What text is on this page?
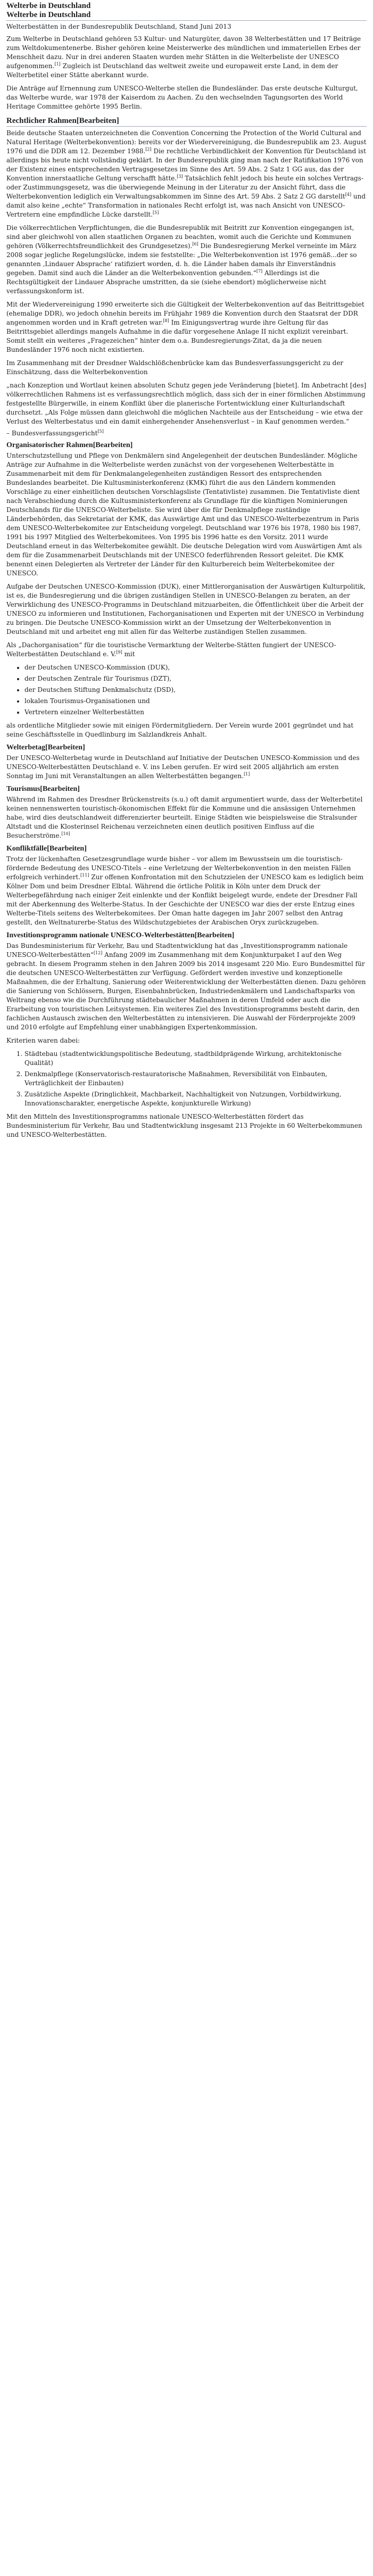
Welterbe in Deutschland
Welterbe in Deutschland
Welterbestätten in der Bundesrepublik Deutschland, Stand Juni 2013

Zum Welterbe in Deutschland gehören 53 Kultur- und Naturgüter, davon 38 Welterbestätten und 17 Beiträge zum Weltdokumentenerbe. Bisher gehören keine Meisterwerke des mündlichen und immateriellen Erbes der Menschheit dazu. Nur in drei anderen Staaten wurden mehr Stätten in die Welterbeliste der UNESCO aufgenommen.[1] Zugleich ist Deutschland das weltweit zweite und europaweit erste Land, in dem der Welterbetitel einer Stätte aberkannt wurde.

Die Anträge auf Ernennung zum UNESCO-Welterbe stellen die Bundesländer. Das erste deutsche Kulturgut, das Welterbe wurde, war 1978 der Kaiserdom zu Aachen. Zu den wechselnden Tagungsorten des World Heritage Committee gehörte 1995 Berlin.

Rechtlicher Rahmen[Bearbeiten]

Beide deutsche Staaten unterzeichneten die Convention Concerning the Protection of the World Cultural and Natural Heritage (Welterbekonvention): bereits vor der Wiedervereinigung, die Bundesrepublik am 23. August 1976 und die DDR am 12. Dezember 1988.[2] Die rechtliche Verbindlichkeit der Konvention für Deutschland ist allerdings bis heute nicht vollständig geklärt. In der Bundesrepublik ging man nach der Ratifikation 1976 von der Existenz eines entsprechenden Vertragsgesetzes im Sinne des Art. 59 Abs. 2 Satz 1 GG aus, das der Konvention innerstaatliche Geltung verschafft hätte.[3] Tatsächlich fehlt jedoch bis heute ein solches Vertrags- oder Zustimmungsgesetz, was die überwiegende Meinung in der Literatur zu der Ansicht führt, dass die Welterbekonvention lediglich ein Verwaltungsabkommen im Sinne des Art. 59 Abs. 2 Satz 2 GG darstellt[4] und damit also keine „echte“ Transformation in nationales Recht erfolgt ist, was nach Ansicht von UNESCO-Vertretern eine empfindliche Lücke darstellt.[5]

Die völkerrechtlichen Verpflichtungen, die die Bundesrepublik mit Beitritt zur Konvention eingegangen ist, sind aber gleichwohl von allen staatlichen Organen zu beachten, womit auch die Gerichte und Kommunen gehören (Völkerrechtsfreundlichkeit des Grundgesetzes).[6] Die Bundesregierung Merkel verneinte im März 2008 sogar jegliche Regelungslücke, indem sie feststellte: „Die Welterbekonvention ist 1976 gemäß...der so genannten ‚Lindauer Absprache‘ ratifiziert worden, d. h. die Länder haben damals ihr Einverständnis gegeben. Damit sind auch die Länder an die Welterbekonvention gebunden.“[7] Allerdings ist die Rechtsgültigkeit der Lindauer Absprache umstritten, da sie (siehe ebendort) möglicherweise nicht verfassungskonform ist.

Mit der Wiedervereinigung 1990 erweiterte sich die Gültigkeit der Welterbekonvention auf das Beitrittsgebiet (ehemalige DDR), wo jedoch ohnehin bereits im Frühjahr 1989 die Konvention durch den Staatsrat der DDR angenommen worden und in Kraft getreten war.[8] Im Einigungsvertrag wurde ihre Geltung für das Beitrittsgebiet allerdings mangels Aufnahme in die dafür vorgesehene Anlage II nicht explizit vereinbart. Somit stellt ein weiteres „Fragezeichen“ hinter dem o.a. Bundesregierungs-Zitat, da ja die neuen Bundesländer 1976 noch nicht existierten.

Im Zusammenhang mit der Dresdner Waldschlößchenbrücke kam das Bundesverfassungsgericht zu der Einschätzung, dass die Welterbekonvention

„nach Konzeption und Wortlaut keinen absoluten Schutz gegen jede Veränderung [bietet]. Im Anbetracht [des] völkerrechtlichen Rahmens ist es verfassungsrechtlich möglich, dass sich der in einer förmlichen Abstimmung festgestellte Bürgerwille, in einem Konflikt über die planerische Fortentwicklung einer Kulturlandschaft durchsetzt. „Als Folge müssen dann gleichwohl die möglichen Nachteile aus der Entscheidung – wie etwa der Verlust des Welterbestatus und ein damit einhergehender Ansehensverlust – in Kauf genommen werden.“
– Bundesverfassungsgericht[5]
Organisatorischer Rahmen[Bearbeiten]

Unterschutzstellung und Pflege von Denkmälern sind Angelegenheit der deutschen Bundesländer. Mögliche Anträge zur Aufnahme in die Welterbeliste werden zunächst von der vorgesehenen Welterbestätte in Zusammenarbeit mit dem für Denkmalangelegenheiten zuständigen Ressort des entsprechenden Bundeslandes bearbeitet. Die Kultusministerkonferenz (KMK) führt die aus den Ländern kommenden Vorschläge zu einer einheitlichen deutschen Vorschlagsliste (Tentativliste) zusammen. Die Tentativliste dient nach Verabschiedung durch die Kultusministerkonferenz als Grundlage für die künftigen Nominierungen Deutschlands für die UNESCO-Welterbeliste. Sie wird über die für Denkmalpflege zuständige Länderbehörden, das Sekretariat der KMK, das Auswärtige Amt und das UNESCO-Welterbezentrum in Paris dem UNESCO-Welterbekomitee zur Entscheidung vorgelegt. Deutschland war 1976 bis 1978, 1980 bis 1987, 1991 bis 1997 Mitglied des Welterbekomitees. Von 1995 bis 1996 hatte es den Vorsitz. 2011 wurde Deutschland erneut in das Welterbekomitee gewählt. Die deutsche Delegation wird vom Auswärtigen Amt als dem für die Zusammenarbeit Deutschlands mit der UNESCO federführenden Ressort geleitet. Die KMK benennt einen Delegierten als Vertreter der Länder für den Kulturbereich beim Welterbekomitee der UNESCO.

Aufgabe der Deutschen UNESCO-Kommission (DUK), einer Mittlerorganisation der Auswärtigen Kulturpolitik, ist es, die Bundesregierung und die übrigen zuständigen Stellen in UNESCO-Belangen zu beraten, an der Verwirklichung des UNESCO-Programms in Deutschland mitzuarbeiten, die Öffentlichkeit über die Arbeit der UNESCO zu informieren und Institutionen, Fachorganisationen und Experten mit der UNESCO in Verbindung zu bringen. Die Deutsche UNESCO-Kommission wirkt an der Umsetzung der Welterbekonvention in Deutschland mit und arbeitet eng mit allen für das Welterbe zuständigen Stellen zusammen.

Als „Dachorganisation“ für die touristische Vermarktung der Welterbe-Stätten fungiert der UNESCO-Welterbestätten Deutschland e. V.[9] mit

• der Deutschen UNESCO-Kommission (DUK),
• der Deutschen Zentrale für Tourismus (DZT),
• der Deutschen Stiftung Denkmalschutz (DSD),
• lokalen Tourismus-Organisationen und
• Vertretern einzelner Welterbestätten

als ordentliche Mitglieder sowie mit einigen Fördermitgliedern. Der Verein wurde 2001 gegründet und hat seine Geschäftsstelle in Quedlinburg im Salzlandkreis Anhalt.

Welterbetag[Bearbeiten]

Der UNESCO-Welterbetag wurde in Deutschland auf Initiative der Deutschen UNESCO-Kommission und des UNESCO-Welterbestätten Deutschland e. V. ins Leben gerufen. Er wird seit 2005 alljährlich am ersten Sonntag im Juni mit Veranstaltungen an allen Welterbestätten begangen.[1]

Tourismus[Bearbeiten]

Während im Rahmen des Dresdner Brückenstreits (s.u.) oft damit argumentiert wurde, dass der Welterbetitel keinen nennenswerten touristisch-ökonomischen Effekt für die Kommune und die ansässigen Unternehmen habe, wird dies deutschlandweit differenzierter beurteilt. Einige Städten wie beispielsweise die Stralsunder Altstadt und die Klosterinsel Reichenau verzeichneten einen deutlich positiven Einfluss auf die Besucherströme.[10]

Konfliktfälle[Bearbeiten]

Trotz der lückenhaften Gesetzesgrundlage wurde bisher – vor allem im Bewusstsein um die touristisch-fördernde Bedeutung des UNESCO-Titels – eine Verletzung der Welterbekonvention in den meisten Fällen erfolgreich verhindert.[11] Zur offenen Konfrontation mit den Schutzzielen der UNESCO kam es lediglich beim Kölner Dom und beim Dresdner Elbtal. Während die örtliche Politik in Köln unter dem Druck der Welterbegefährdung nach einiger Zeit einlenkte und der Konflikt beigelegt wurde, endete der Dresdner Fall mit der Aberkennung des Welterbe-Status. In der Geschichte der UNESCO war dies der erste Entzug eines Welterbe-Titels seitens des Welterbekomitees. Der Oman hatte dagegen im Jahr 2007 selbst den Antrag gestellt, den Weltnaturerbe-Status des Wildschutzgebietes der Arabischen Oryx zurückzugeben.

Investitionsprogramm nationale UNESCO-Welterbestätten[Bearbeiten]

Das Bundesministerium für Verkehr, Bau und Stadtentwicklung hat das „Investitionsprogramm nationale UNESCO-Welterbestätten“[12] Anfang 2009 im Zusammenhang mit dem Konjunkturpaket I auf den Weg gebracht. In diesem Programm stehen in den Jahren 2009 bis 2014 insgesamt 220 Mio. Euro Bundesmittel für die deutschen UNESCO-Welterbestätten zur Verfügung. Gefördert werden investive und konzeptionelle Maßnahmen, die der Erhaltung, Sanierung oder Weiterentwicklung der Welterbestätten dienen. Dazu gehören die Sanierung von Schlössern, Burgen, Eisenbahnbrücken, Industriedenkmälern und Landschaftsparks von Weltrang ebenso wie die Durchführung städtebaulicher Maßnahmen in deren Umfeld oder auch die Erarbeitung von touristischen Leitsystemen. Ein weiteres Ziel des Investitionsprogramms besteht darin, den fachlichen Austausch zwischen den Welterbestätten zu intensivieren. Die Auswahl der Förderprojekte 2009 und 2010 erfolgte auf Empfehlung einer unabhängigen Expertenkommission.

Kriterien waren dabei:

1. Städtebau (stadtentwicklungspolitische Bedeutung, stadtbildprägende Wirkung, architektonische Qualität)
2. Denkmalpflege (Konservatorisch-restauratorische Maßnahmen, Reversibilität von Einbauten, Verträglichkeit der Einbauten)
3. Zusätzliche Aspekte (Dringlichkeit, Machbarkeit, Nachhaltigkeit von Nutzungen, Vorbildwirkung, Innovationscharakter, energetische Aspekte, konjunkturelle Wirkung)

Mit den Mitteln des Investitionsprogramms nationale UNESCO-Welterbestätten fördert das Bundesministerium für Verkehr, Bau und Stadtentwicklung insgesamt 213 Projekte in 60 Welterbekommunen und UNESCO-Welterbestätten.
